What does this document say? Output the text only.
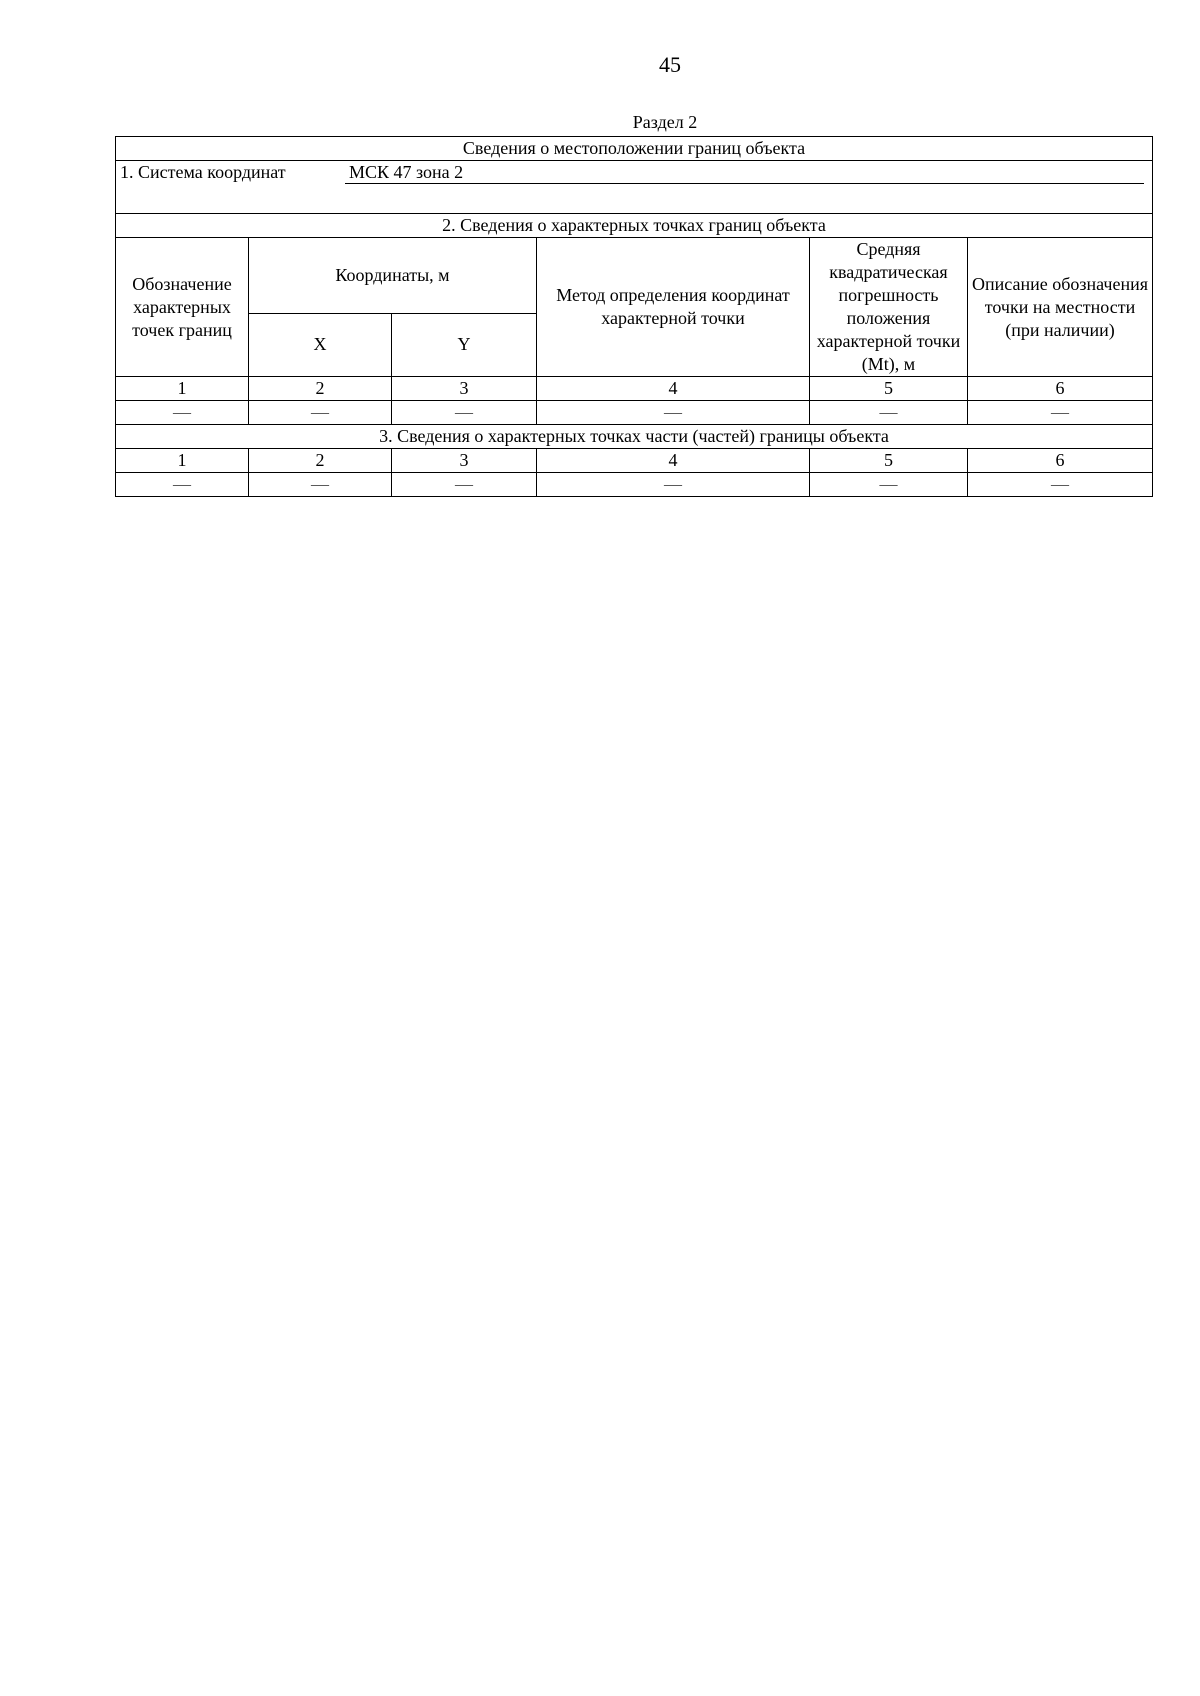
45
Раздел 2
Сведения о местоположении границ объекта					
1. Система координат МСК 47 зона 2					
2. Сведения о характерных точках границ объекта					
Обозначение характерных точек границ	Координаты, м		Метод определения координат характерной точки	Средняя квадратическая погрешность положения характерной точки (Mt), м	Описание обозначения точки на местности (при наличии)
	X	Y			
1	2	3	4	5	6
—	—	—	—	—	—
3. Сведения о характерных точках части (частей) границы объекта					
1	2	3	4	5	6
—	—	—	—	—	—
